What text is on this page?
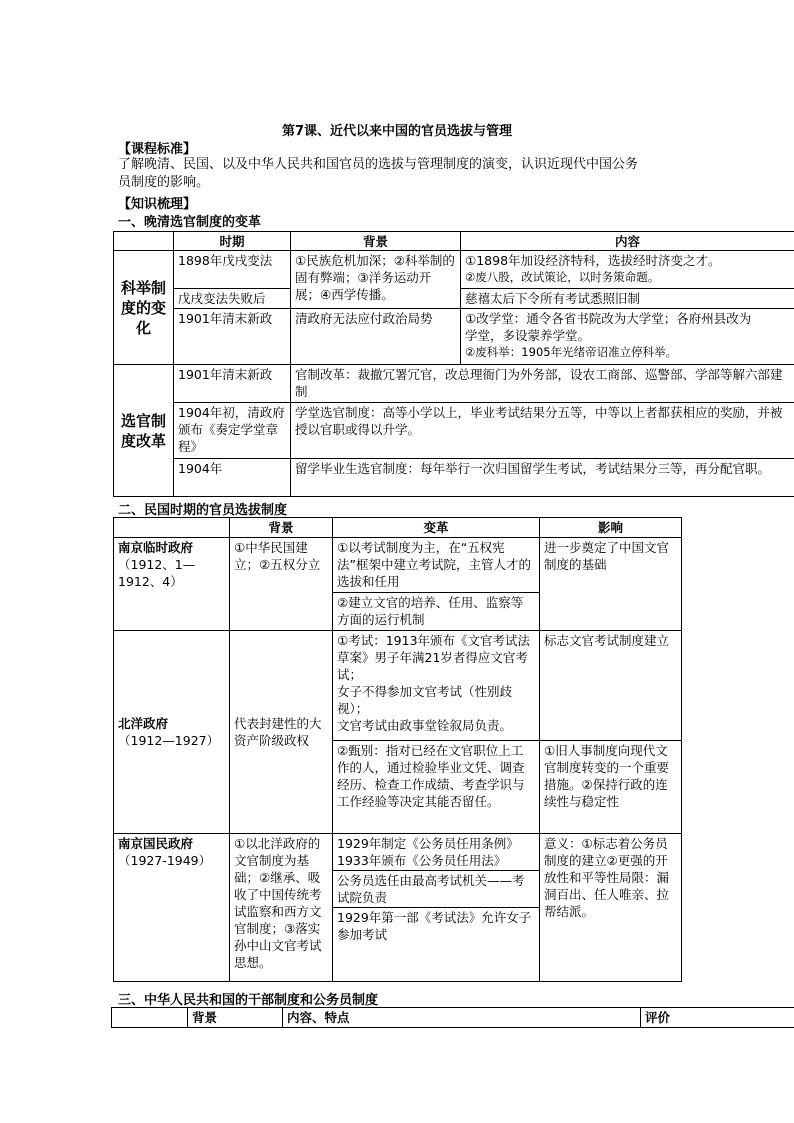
第7课、近代以来中国的官员选拔与管理
【课程标准】
了解晚清、民国、以及中华人民共和国官员的选拔与管理制度的演变，认识近现代中国公务
员制度的影响。
【知识梳理】
一、晚清选官制度的变革
	时期	背景	内容
科举制度的变化	1898年戊戌变法	①民族危机加深；②科举制的固有弊端；③洋务运动开展；④西学传播。	①1898年加设经济特科，选拔经时济变之才。
②废八股，改试策论，以时务策命题。

	戊戌变法失败后		慈禧太后下令所有考试悉照旧制
	1901年清末新政	清政府无法应付政治局势	①改学堂：通令各省书院改为大学堂；各府州县改为
学堂，多设蒙养学堂。
②废科举：1905年光绪帝诏准立停科举。

选官制度改革	1901年清末新政	官制改革：裁撤冗署冗官，改总理衙门为外务部，设农工商部、巡警部、学部等解六部建制	
	1904年初，清政府颁布《奏定学堂章程》	学堂选官制度：高等小学以上，毕业考试结果分五等，中等以上者都获相应的奖励，并被授以官职或得以升学。	
	1904年	留学毕业生选官制度：每年举行一次归国留学生考试，考试结果分三等，再分配官职。	
二、民国时期的官员选拔制度
	背景	变革	影响

南京临时政府
（1912、1—1912、4）	①中华民国建立；②五权分立	①以考试制度为主，在“五权宪法”框架中建立考试院，主管人才的选拔和任用	进一步奠定了中国文官制度的基础
		②建立文官的培养、任用、监察等方面的运行机制	

北洋政府
（1912—1927）	代表封建性的大资产阶级政权	①考试：1913年颁布《文官考试法草案》男子年满21岁者得应文官考试；
女子不得参加文官考试（性别歧视）；
文官考试由政事堂铨叙局负责。	标志文官考试制度建立
		②甄别：指对已经在文官职位上工作的人，通过检验毕业文凭、调查经历、检查工作成绩、考查学识与工作经验等决定其能否留任。	①旧人事制度向现代文官制度转变的一个重要措施。②保持行政的连续性与稳定性

南京国民政府
（1927-1949）	①以北洋政府的文官制度为基础；②继承、吸收了中国传统考试监察和西方文官制度；③落实孙中山文官考试思想。	1929年制定《公务员任用条例》
1933年颁布《公务员任用法》	意义：①标志着公务员制度的建立②更强的开放性和平等性局限：漏洞百出、任人唯亲、拉帮结派。
		公务员选任由最高考试机关——考试院负责	
		1929年第一部《考试法》允许女子参加考试	
三、中华人民共和国的干部制度和公务员制度
	背景	内容、特点	评价
